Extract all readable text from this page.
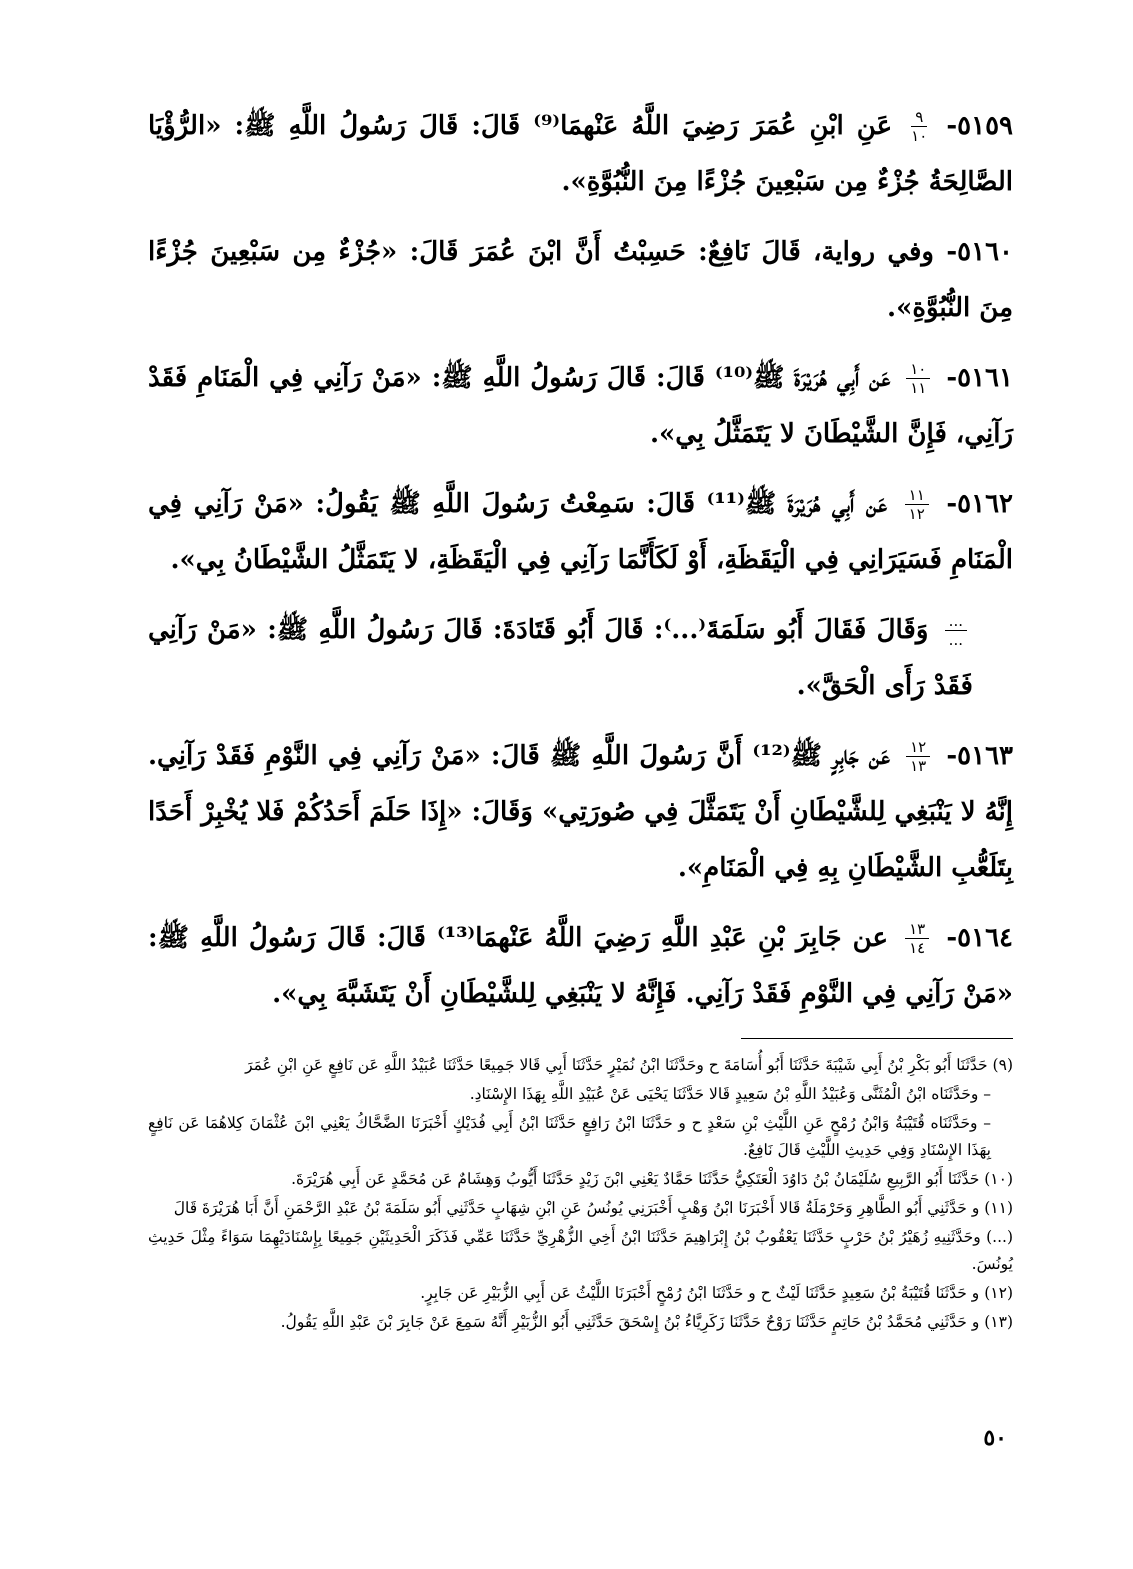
٥١٥٩-
$\frac{٩}{١٠}$
عَنِ ابْنِ عُمَرَ رَضِيَ اللَّهُ عَنْهمَا⁽⁹⁾ قَالَ: قَالَ رَسُولُ اللَّهِ ﷺ: «الرُّؤْيَا الصَّالِحَةُ جُزْءٌ مِن سَبْعِينَ جُزْءًا مِنَ النُّبُوَّةِ».

٥١٦٠- وفي رواية، قَالَ نَافِعٌ: حَسِبْتُ أَنَّ ابْنَ عُمَرَ قَالَ: «جُزْءٌ مِن سَبْعِينَ جُزْءًا مِنَ النُّبُوَّةِ».

٥١٦١-
$\frac{١٠}{١١}$
عَن أَبِي هُرَيْرَةَ ﷺ⁽¹⁰⁾ قَالَ: قَالَ رَسُولُ اللَّهِ ﷺ: «مَنْ رَآنِي فِي الْمَنَامِ فَقَدْ رَآنِي، فَإِنَّ الشَّيْطَانَ لا يَتَمَثَّلُ بِي».

٥١٦٢-
$\frac{١١}{١٢}$
عَن أَبِي هُرَيْرَةَ ﷺ⁽¹¹⁾ قَالَ: سَمِعْتُ رَسُولَ اللَّهِ ﷺ يَقُولُ: «مَنْ رَآنِي فِي الْمَنَامِ فَسَيَرَانِي فِي الْيَقَظَةِ، أَوْ لَكَأَنَّمَا رَآنِي فِي الْيَقَظَةِ، لا يَتَمَثَّلُ الشَّيْطَانُ بِي».

$\frac{...}{...}$
وَقَالَ فَقَالَ أَبُو سَلَمَةَ⁽...⁾: قَالَ أَبُو قَتَادَةَ: قَالَ رَسُولُ اللَّهِ ﷺ: «مَنْ رَآنِي فَقَدْ رَأَى الْحَقَّ».

٥١٦٣-
$\frac{١٢}{١٣}$
عَن جَابِرٍ ﷺ⁽¹²⁾ أَنَّ رَسُولَ اللَّهِ ﷺ قَالَ: «مَنْ رَآنِي فِي النَّوْمِ فَقَدْ رَآنِي. إِنَّهُ لا يَنْبَغِي لِلشَّيْطَانِ أَنْ يَتَمَثَّلَ فِي صُورَتِي» وَقَالَ: «إِذَا حَلَمَ أَحَدُكُمْ فَلا يُخْبِرْ أَحَدًا بِتَلَعُّبِ الشَّيْطَانِ بِهِ فِي الْمَنَامِ».

٥١٦٤-
$\frac{١٣}{١٤}$
عن جَابِرَ بْنِ عَبْدِ اللَّهِ رَضِيَ اللَّهُ عَنْهمَا⁽¹³⁾ قَالَ: قَالَ رَسُولُ اللَّهِ ﷺ: «مَنْ رَآنِي فِي النَّوْمِ فَقَدْ رَآنِي. فَإِنَّهُ لا يَنْبَغِي لِلشَّيْطَانِ أَنْ يَتَشَبَّهَ بِي».

(٩) حَدَّثَنَا أَبُو بَكْرِ بْنُ أَبِي شَيْبَةَ حَدَّثَنَا أَبُو أُسَامَةَ ح وحَدَّثَنَا ابْنُ نُمَيْرٍ حَدَّثَنَا أَبِي قَالا جَمِيعًا حَدَّثَنَا عُبَيْدُ اللَّهِ عَن نَافِعٍ عَنِ ابْنِ عُمَرَ

– وحَدَّثَنَاه ابْنُ الْمُثَنَّى وَعُبَيْدُ اللَّهِ بْنُ سَعِيدٍ قَالا حَدَّثَنَا يَحْيَى عَنْ عُبَيْدِ اللَّهِ بِهَذَا الإِسْنَادِ.

– وحَدَّثَنَاه قُتَيْبَةُ وَابْنُ رُمْحٍ عَنِ اللَّيْثِ بْنِ سَعْدٍ ح و حَدَّثَنَا ابْنُ رَافِعٍ حَدَّثَنَا ابْنُ أَبِي فُدَيْكٍ أَخْبَرَنَا الضَّحَّاكُ يَعْنِي ابْنَ عُثْمَانَ كِلاهُمَا عَن نَافِعٍ بِهَذَا الإِسْنَادِ وَفِي حَدِيثِ اللَّيْثِ قَالَ نَافِعٌ.

(١٠) حَدَّثَنَا أَبُو الرَّبِيعِ سُلَيْمَانُ بْنُ دَاوُدَ الْعَتَكِيُّ حَدَّثَنَا حَمَّادٌ يَعْنِي ابْنَ زَيْدٍ حَدَّثَنَا أَيُّوبُ وَهِشَامٌ عَن مُحَمَّدٍ عَن أَبِي هُرَيْرَةَ.

(١١) و حَدَّثَنِي أَبُو الطَّاهِرِ وَحَرْمَلَةُ قَالا أَخْبَرَنَا ابْنُ وَهْبٍ أَخْبَرَنِي يُونُسُ عَنِ ابْنِ شِهَابٍ حَدَّثَنِي أَبُو سَلَمَةَ بْنُ عَبْدِ الرَّحْمَنِ أَنَّ أَبَا هُرَيْرَةَ قَالَ

(...) وحَدَّثَنِيهِ زُهَيْرُ بْنُ حَرْبٍ حَدَّثَنَا يَعْقُوبُ بْنُ إِبْرَاهِيمَ حَدَّثَنَا ابْنُ أَخِي الزُّهْرِيِّ حَدَّثَنَا عَمِّي فَذَكَرَ الْحَدِيثَيْنِ جَمِيعًا بِإِسْنَادَيْهِمَا سَوَاءً مِثْلَ حَدِيثِ يُونُسَ.

(١٢) و حَدَّثَنَا قُتَيْبَةُ بْنُ سَعِيدٍ حَدَّثَنَا لَيْثٌ ح و حَدَّثَنَا ابْنُ رُمْحٍ أَخْبَرَنَا اللَّيْثُ عَن أَبِي الزُّبَيْرِ عَن جَابِرٍ.

(١٣) و حَدَّثَنِي مُحَمَّدُ بْنُ حَاتِمٍ حَدَّثَنَا رَوْحٌ حَدَّثَنَا زَكَرِيَّاءُ بْنُ إِسْحَقَ حَدَّثَنِي أَبُو الزُّبَيْرِ أَنَّهُ سَمِعَ عَنْ جَابِرَ بْنَ عَبْدِ اللَّهِ يَقُولُ.

٥٠
